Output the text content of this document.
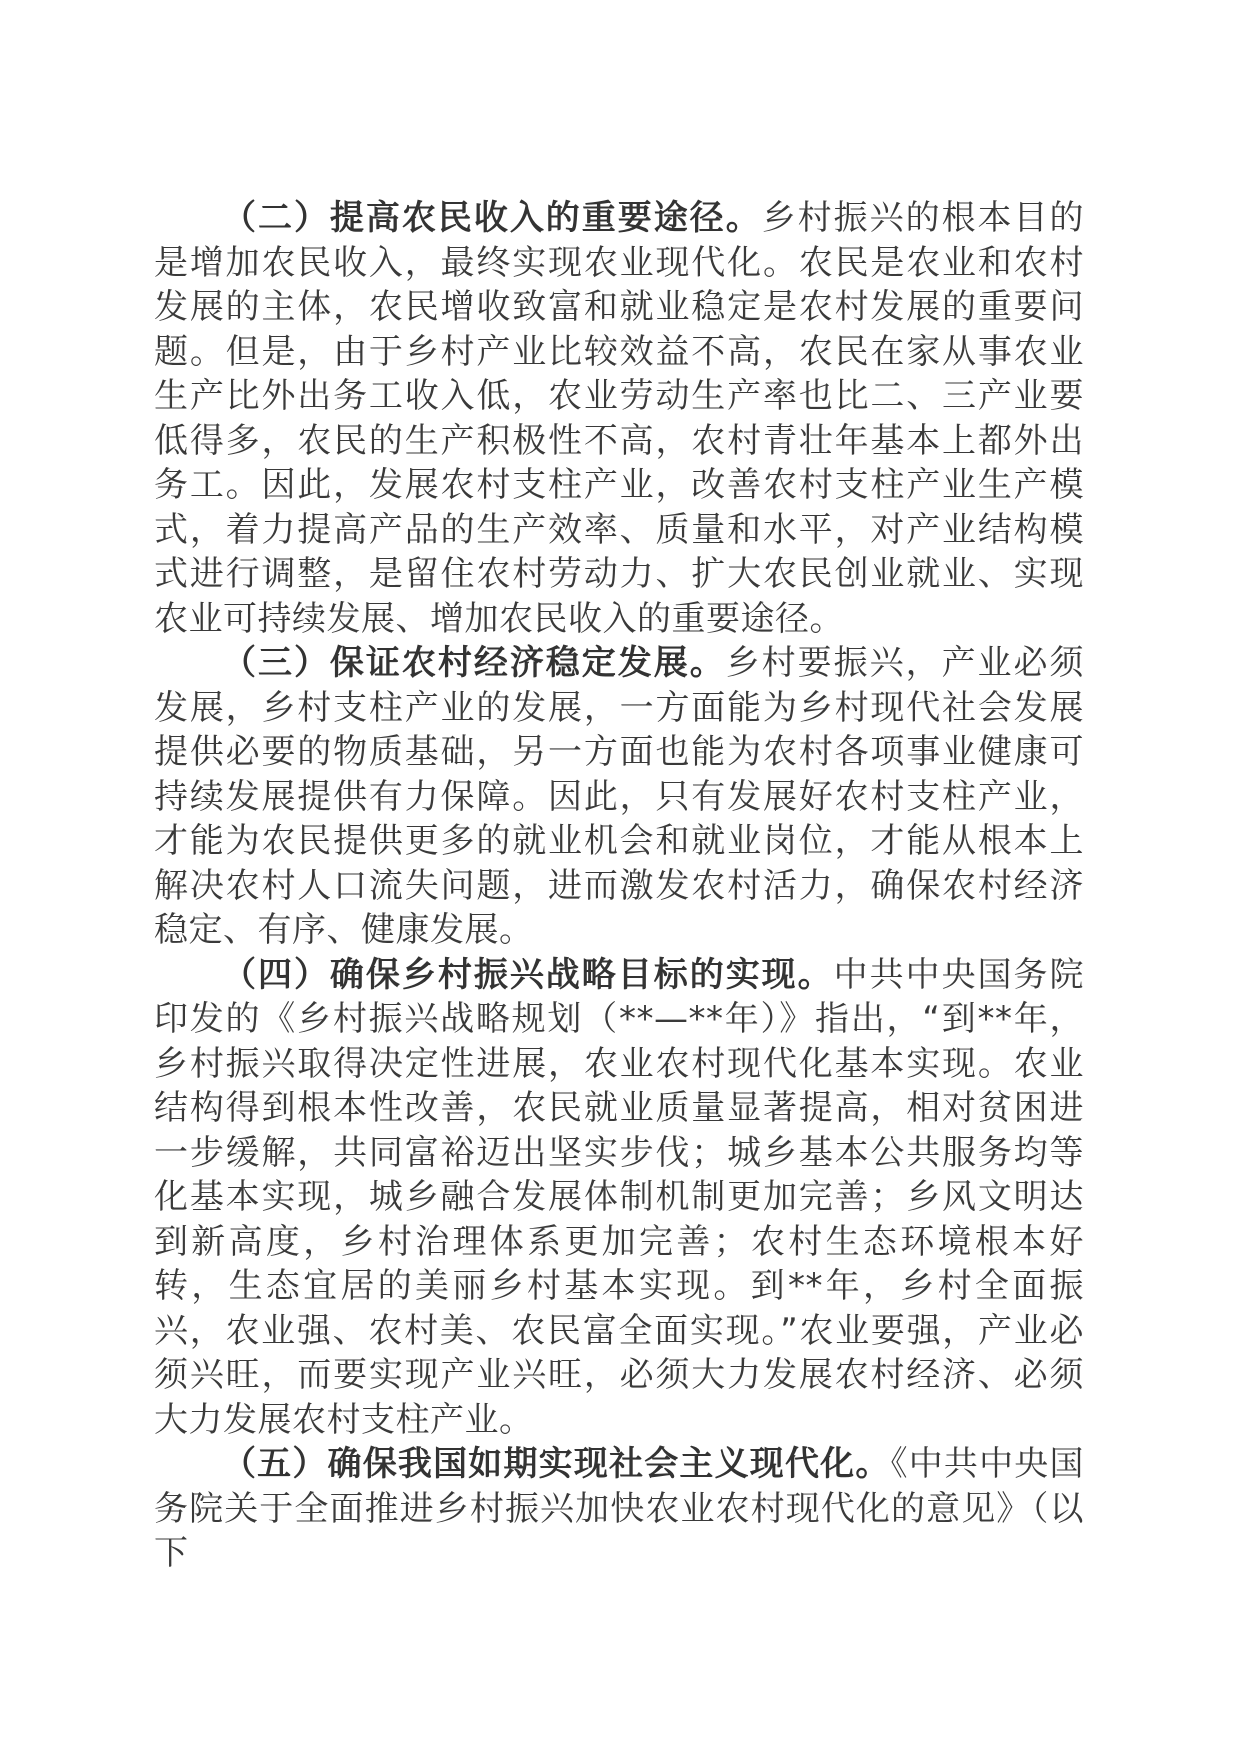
（二）提高农民收入的重要途径。乡村振兴的根本目的是增加农民收入，最终实现农业现代化。农民是农业和农村发展的主体，农民增收致富和就业稳定是农村发展的重要问题。但是，由于乡村产业比较效益不高，农民在家从事农业生产比外出务工收入低，农业劳动生产率也比二、三产业要低得多，农民的生产积极性不高，农村青壮年基本上都外出务工。因此，发展农村支柱产业，改善农村支柱产业生产模式，着力提高产品的生产效率、质量和水平，对产业结构模式进行调整，是留住农村劳动力、扩大农民创业就业、实现农业可持续发展、增加农民收入的重要途径。

（三）保证农村经济稳定发展。乡村要振兴，产业必须发展，乡村支柱产业的发展，一方面能为乡村现代社会发展提供必要的物质基础，另一方面也能为农村各项事业健康可持续发展提供有力保障。因此，只有发展好农村支柱产业，才能为农民提供更多的就业机会和就业岗位，才能从根本上解决农村人口流失问题，进而激发农村活力，确保农村经济稳定、有序、健康发展。

（四）确保乡村振兴战略目标的实现。中共中央国务院印发的《乡村振兴战略规划（**—**年）》指出，“到**年，乡村振兴取得决定性进展，农业农村现代化基本实现。农业结构得到根本性改善，农民就业质量显著提高，相对贫困进一步缓解，共同富裕迈出坚实步伐；城乡基本公共服务均等化基本实现，城乡融合发展体制机制更加完善；乡风文明达到新高度，乡村治理体系更加完善；农村生态环境根本好转，生态宜居的美丽乡村基本实现。到**年，乡村全面振兴，农业强、农村美、农民富全面实现。”农业要强，产业必须兴旺，而要实现产业兴旺，必须大力发展农村经济、必须大力发展农村支柱产业。

（五）确保我国如期实现社会主义现代化。《中共中央国务院关于全面推进乡村振兴加快农业农村现代化的意见》（以下
